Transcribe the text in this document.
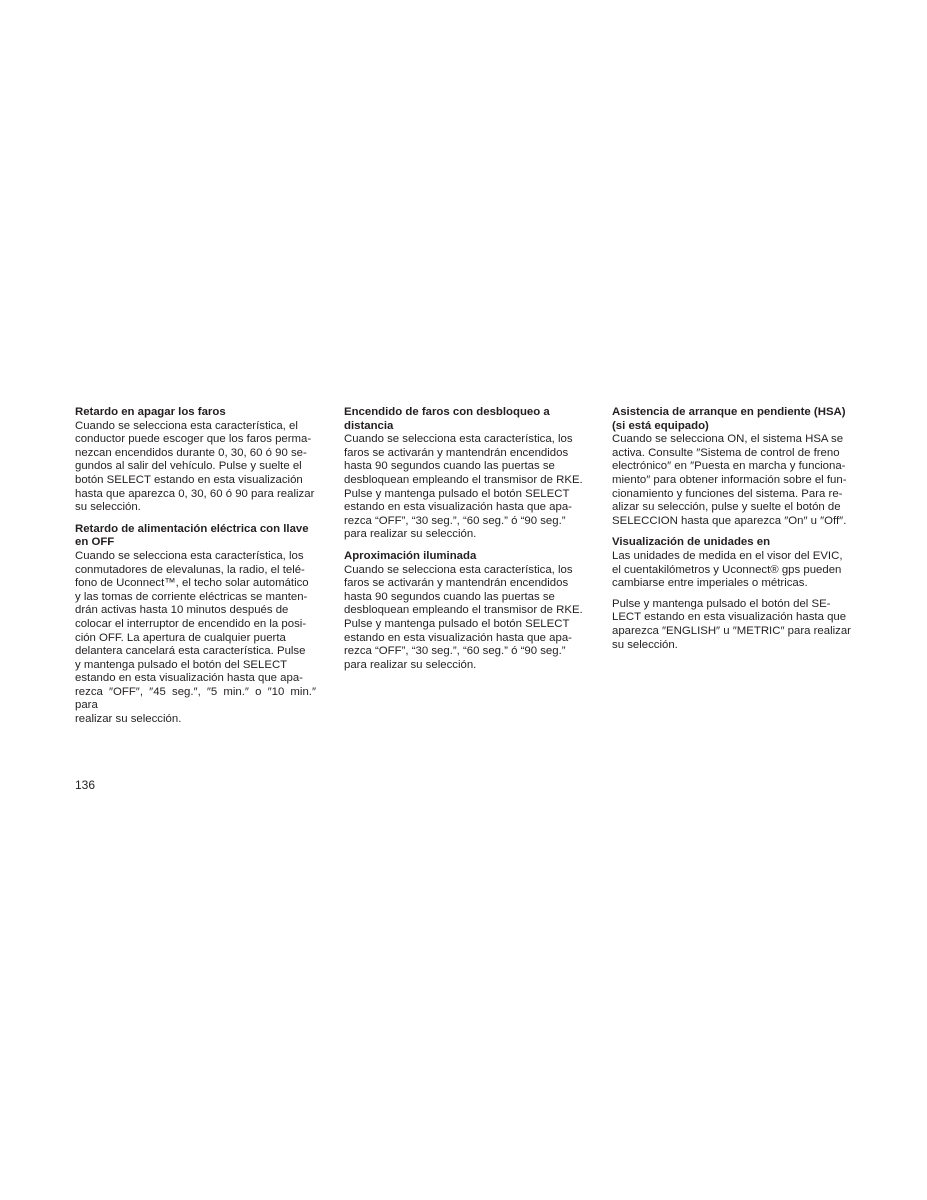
Retardo en apagar los faros

Cuando se selecciona esta característica, el
conductor puede escoger que los faros perma-
nezcan encendidos durante 0, 30, 60 ó 90 se-
gundos al salir del vehículo. Pulse y suelte el
botón SELECT estando en esta visualización
hasta que aparezca 0, 30, 60 ó 90 para realizar
su selección.

Retardo de alimentación eléctrica con llave
en OFF

Cuando se selecciona esta característica, los
conmutadores de elevalunas, la radio, el telé-
fono de Uconnect™, el techo solar automático
y las tomas de corriente eléctricas se manten-
drán activas hasta 10 minutos después de
colocar el interruptor de encendido en la posi-
ción OFF. La apertura de cualquier puerta
delantera cancelará esta característica. Pulse
y mantenga pulsado el botón del SELECT
estando en esta visualización hasta que apa-
rezca ″OFF″, ″45 seg.″, ″5 min.″ o ″10 min.″ para
realizar su selección.

Encendido de faros con desbloqueo a
distancia

Cuando se selecciona esta característica, los
faros se activarán y mantendrán encendidos
hasta 90 segundos cuando las puertas se
desbloquean empleando el transmisor de RKE.
Pulse y mantenga pulsado el botón SELECT
estando en esta visualización hasta que apa-
rezca “OFF”, “30 seg.”, “60 seg.” ó “90 seg.”
para realizar su selección.

Aproximación iluminada

Cuando se selecciona esta característica, los
faros se activarán y mantendrán encendidos
hasta 90 segundos cuando las puertas se
desbloquean empleando el transmisor de RKE.
Pulse y mantenga pulsado el botón SELECT
estando en esta visualización hasta que apa-
rezca “OFF”, “30 seg.”, “60 seg.” ó “90 seg.”
para realizar su selección.

Asistencia de arranque en pendiente (HSA)
(si está equipado)

Cuando se selecciona ON, el sistema HSA se
activa. Consulte ″Sistema de control de freno
electrónico″ en ″Puesta en marcha y funciona-
miento″ para obtener información sobre el fun-
cionamiento y funciones del sistema. Para re-
alizar su selección, pulse y suelte el botón de
SELECCION hasta que aparezca ″On″ u ″Off″.

Visualización de unidades en

Las unidades de medida en el visor del EVIC,
el cuentakilómetros y Uconnect® gps pueden
cambiarse entre imperiales o métricas.

Pulse y mantenga pulsado el botón del SE-
LECT estando en esta visualización hasta que
aparezca ″ENGLISH″ u ″METRIC″ para realizar
su selección.

136
